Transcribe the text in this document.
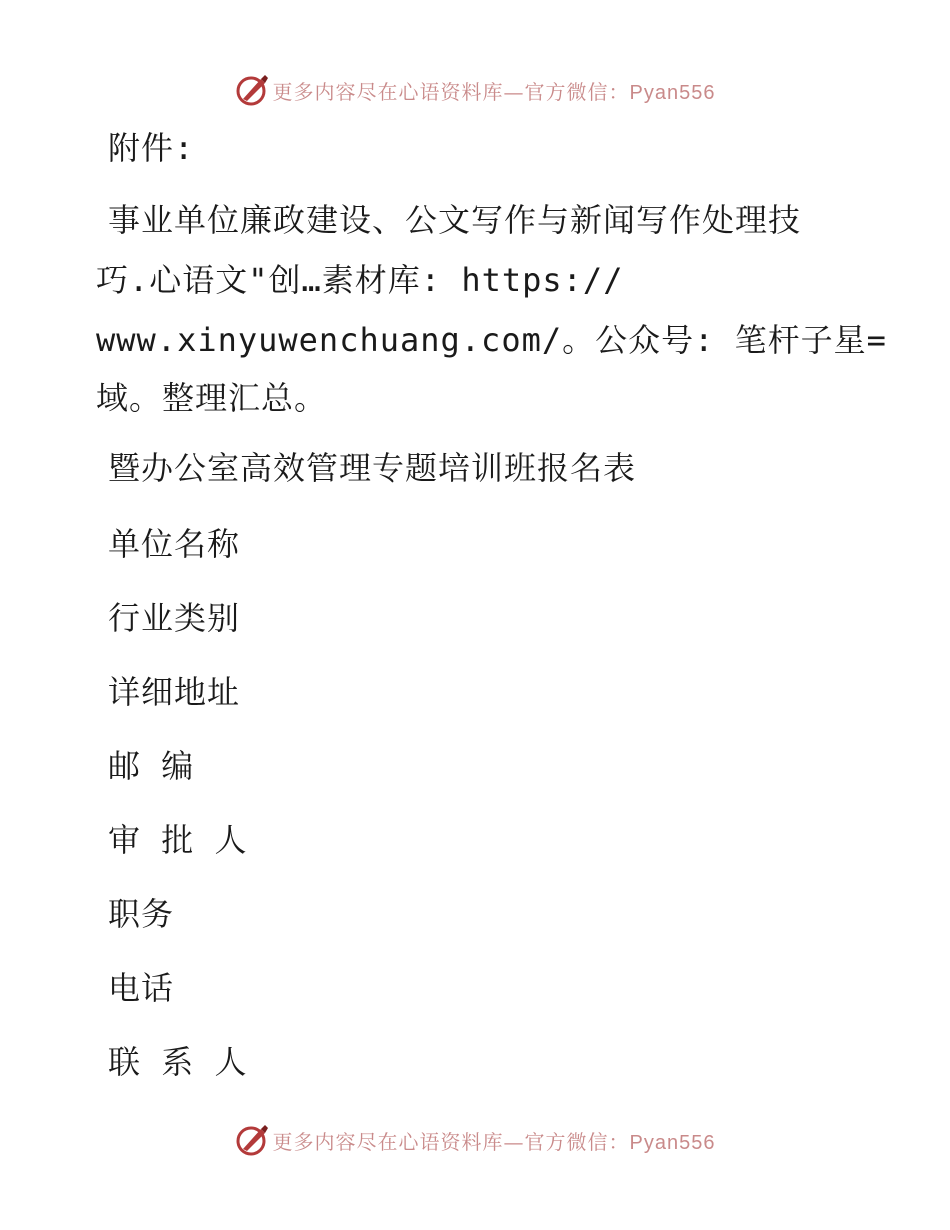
更多内容尽在心语资料库—官方微信：Pyan556
附件:
事业单位廉政建设、公文写作与新闻写作处理技
巧.心语文"创…素材库: https://
www.xinyuwenchuang.com/。公众号: 笔杆子星=
域。整理汇总。
暨办公室高效管理专题培训班报名表
单位名称
行业类别
详细地址
邮 编
审 批 人
职务
电话
联 系 人
更多内容尽在心语资料库—官方微信：Pyan556
